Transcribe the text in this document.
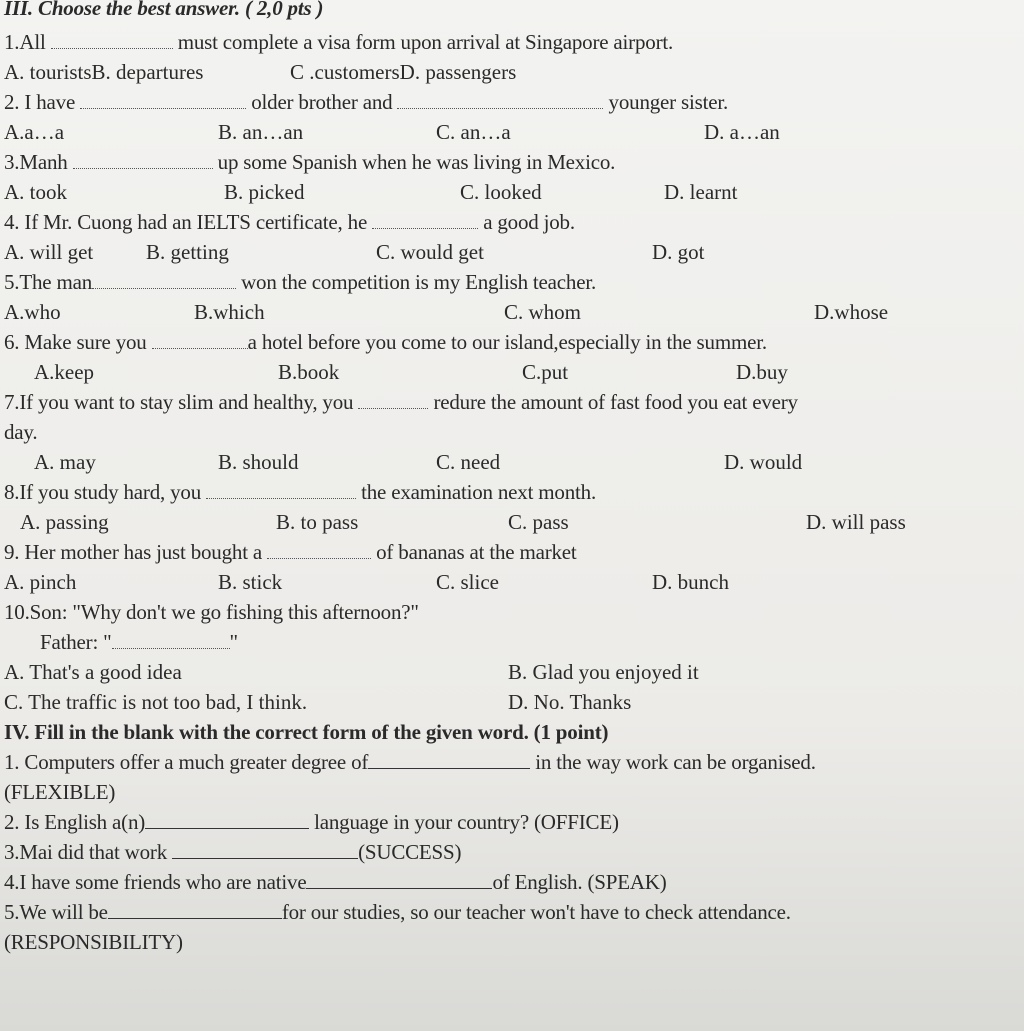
III. Choose the best answer. ( 2,0 pts )
1.All	must complete a visa form upon arrival at Singapore airport.
A. touristsB. departures	C .customersD. passengers
2. I have	older brother and	younger sister.
A.a…a	B. an…an	C. an…a	D. a…an
3.Manh	up some Spanish when he was living in Mexico.
A. took	B. picked	C. looked	D. learnt
4. If Mr. Cuong had an IELTS certificate, he	a good job.
A. will get	B. getting	C. would get	D. got
5.The man	won the competition is my English teacher.
A.who	B.which	C. whom	D.whose
6. Make sure you	a hotel before you come to our island,especially in the summer.
A.keep	B.book	C.put	D.buy
7.If you want to stay slim and healthy, you	redure the amount of fast food you eat every
day.
A. may	B. should	C. need	D. would
8.If you study hard, you	the examination next month.
A. passing	B. to pass	C. pass	D. will pass
9. Her mother has just bought a	of bananas at the market
A. pinch	B. stick	C. slice	D. bunch
10.Son: "Why don't we go fishing this afternoon?"
Father: "	"
A. That's a good idea	B. Glad you enjoyed it
C. The traffic is not too bad, I think.	D. No. Thanks
IV. Fill in the blank with the correct form of the given word. (1 point)
1. Computers offer a much greater degree of	in the way work can be organised.
(FLEXIBLE)
2. Is English a(n)	language in your country? (OFFICE)
3.Mai did that work	(SUCCESS)
4.I have some friends who are native	of English. (SPEAK)
5.We will be	for our studies, so our teacher won't have to check attendance.
(RESPONSIBILITY)
